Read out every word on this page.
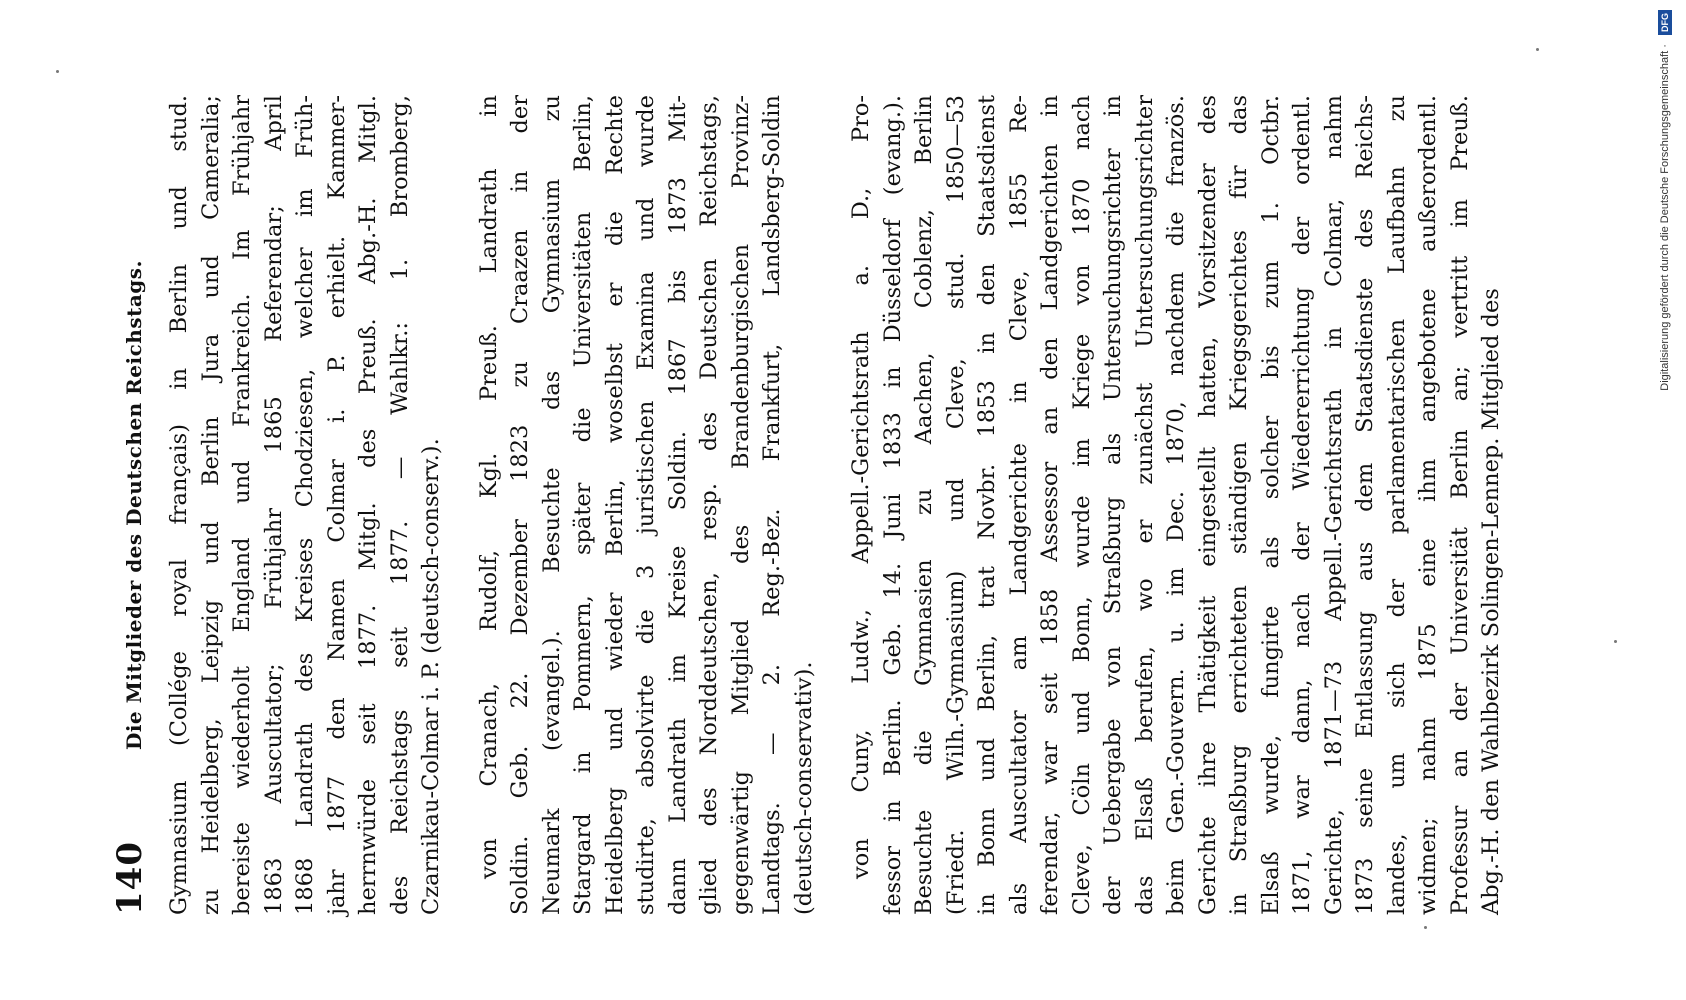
140
Die Mitglieder des Deutschen Reichstags. Gymnasium (Collége royal français) in Berlin und stud. zu Heidelberg, Leipzig und Berlin Jura und Cameralia; bereiste wiederholt England und Frankreich. Im Frühjahr 1863 Auscultator; Frühjahr 1865 Referendar; April 1868 Landrath des Kreises Chodziesen, welcher im Früh- jahr 1877 den Namen Colmar i. P. erhielt. Kammer- herrnwürde seit 1877. Mitgl. des Preuß. Abg.-H. Mitgl. des Reichstags seit 1877. — Wahlkr.: 1. Bromberg, Czarnikau-Colmar i. P. (deutsch-conserv.). von Cranach, Rudolf, Kgl. Preuß. Landrath in Soldin. Geb. 22. Dezember 1823 zu Craazen in der Neumark (evangel.). Besuchte das Gymnasium zu Stargard in Pommern, später die Universitäten Berlin, Heidelberg und wieder Berlin, woselbst er die Rechte studirte, absolvirte die 3 juristischen Examina und wurde dann Landrath im Kreise Soldin. 1867 bis 1873 Mit- glied des Norddeutschen, resp. des Deutschen Reichstags, gegenwärtig Mitglied des Brandenburgischen Provinz- Landtags. — 2. Reg.-Bez. Frankfurt, Landsberg-Soldin (deutsch-conservativ). von Cuny, Ludw., Appell.-Gerichtsrath a. D., Pro- fessor in Berlin. Geb. 14. Juni 1833 in Düsseldorf (evang.). Besuchte die Gymnasien zu Aachen, Coblenz, Berlin (Friedr. Wilh.-Gymnasium) und Cleve, stud. 1850—53 in Bonn und Berlin, trat Novbr. 1853 in den Staatsdienst als Auscultator am Landgerichte in Cleve, 1855 Re- ferendar, war seit 1858 Assessor an den Landgerichten in Cleve, Cöln und Bonn, wurde im Kriege von 1870 nach der Uebergabe von Straßburg als Untersuchungsrichter in das Elsaß berufen, wo er zunächst Untersuchungsrichter beim Gen.-Gouvern. u. im Dec. 1870, nachdem die französ. Gerichte ihre Thätigkeit eingestellt hatten, Vorsitzender des in Straßburg errichteten ständigen Kriegsgerichtes für das Elsaß wurde, fungirte als solcher bis zum 1. Octbr. 1871, war dann, nach der Wiedererrichtung der ordentl. Gerichte, 1871—73 Appell.-Gerichtsrath in Colmar, nahm 1873 seine Entlassung aus dem Staatsdienste des Reichs- landes, um sich der parlamentarischen Laufbahn zu widmen; nahm 1875 eine ihm angebotene außerordentl. Professur an der Universität Berlin an; vertritt im Preuß. Abg.-H. den Wahlbezirk Solingen-Lennep. Mitglied des
Digitalisierung gefördert durch die Deutsche Forschungsgemeinschaft · DFG
